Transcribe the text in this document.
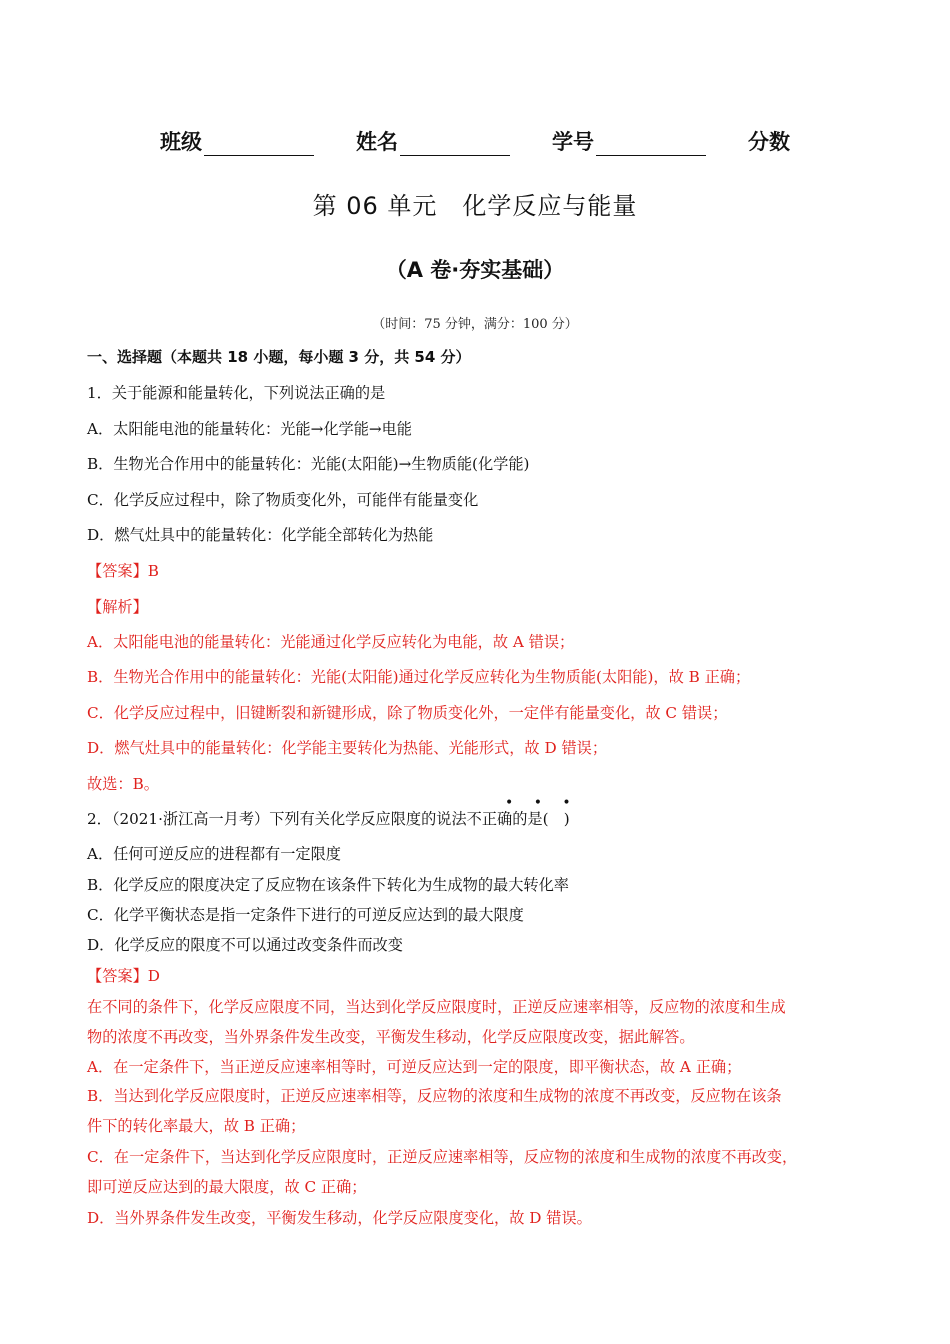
班级	姓名	学号	分数
第 06 单元　化学反应与能量
（A 卷·夯实基础）
（时间：75 分钟，满分：100 分）
一、选择题（本题共 18 小题，每小题 3 分，共 54 分）
1．关于能源和能量转化，下列说法正确的是
A．太阳能电池的能量转化：光能→化学能→电能
B．生物光合作用中的能量转化：光能(太阳能)→生物质能(化学能)
C．化学反应过程中，除了物质变化外，可能伴有能量变化
D．燃气灶具中的能量转化：化学能全部转化为热能
【答案】B
【解析】
A．太阳能电池的能量转化：光能通过化学反应转化为电能，故 A 错误；
B．生物光合作用中的能量转化：光能(太阳能)通过化学反应转化为生物质能(太阳能)，故 B 正确；
C．化学反应过程中，旧键断裂和新键形成，除了物质变化外，一定伴有能量变化，故 C 错误；
D．燃气灶具中的能量转化：化学能主要转化为热能、光能形式，故 D 错误；
故选：B。
• • •
2．（2021·浙江高一月考）下列有关化学反应限度的说法不正确的是(　)
A．任何可逆反应的进程都有一定限度
B．化学反应的限度决定了反应物在该条件下转化为生成物的最大转化率
C．化学平衡状态是指一定条件下进行的可逆反应达到的最大限度
D．化学反应的限度不可以通过改变条件而改变
【答案】D
在不同的条件下，化学反应限度不同，当达到化学反应限度时，正逆反应速率相等，反应物的浓度和生成
物的浓度不再改变，当外界条件发生改变，平衡发生移动，化学反应限度改变，据此解答。
A．在一定条件下，当正逆反应速率相等时，可逆反应达到一定的限度，即平衡状态，故 A 正确；
B．当达到化学反应限度时，正逆反应速率相等，反应物的浓度和生成物的浓度不再改变，反应物在该条
件下的转化率最大，故 B 正确；
C．在一定条件下，当达到化学反应限度时，正逆反应速率相等，反应物的浓度和生成物的浓度不再改变，
即可逆反应达到的最大限度，故 C 正确；
D．当外界条件发生改变，平衡发生移动，化学反应限度变化，故 D 错误。
